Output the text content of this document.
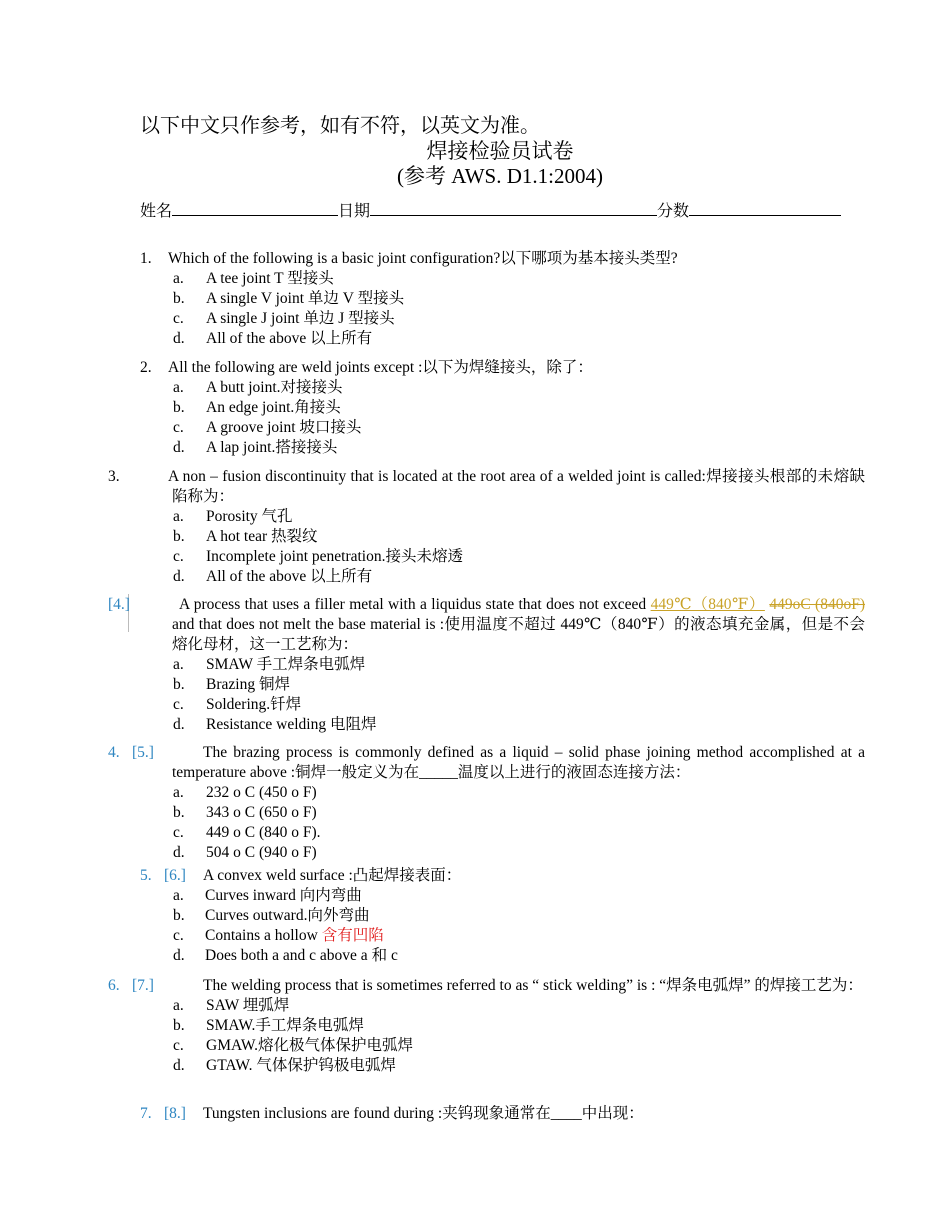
以下中文只作参考，如有不符，以英文为准。
焊接检验员试卷
(参考 AWS. D1.1:2004)
姓名	日期	分数
1. Which of the following is a basic joint configuration?以下哪项为基本接头类型?
a. A tee joint T 型接头
b. A single V joint 单边 V 型接头
c. A single J joint 单边 J 型接头
d. All of the above 以上所有
2. All the following are weld joints except :以下为焊缝接头，除了：
a. A butt joint.对接接头
b. An edge joint.角接头
c. A groove joint 坡口接头
d. A lap joint.搭接接头
3.	A non – fusion discontinuity that is located at the root area of a welded joint is called:焊接接头根部的未熔缺陷称为：
a. Porosity 气孔
b. A hot tear 热裂纹
c. Incomplete joint penetration.接头未熔透
d. All of the above 以上所有
[4.]	A process that uses a filler metal with a liquidus state that does not exceed 449℃（840℉） 449oC (840oF) and that does not melt the base material is :使用温度不超过 449℃（840℉）的液态填充金属，但是不会熔化母材，这一工艺称为：
a. SMAW 手工焊条电弧焊
b. Brazing 铜焊
c. Soldering.钎焊
d. Resistance welding 电阻焊
4. [5.]	The brazing process is commonly defined as a liquid – solid phase joining method accomplished at a temperature above :铜焊一般定义为在_____温度以上进行的液固态连接方法：
a. 232 o C (450 o F)
b. 343 o C (650 o F)
c. 449 o C (840 o F).
d. 504 o C (940 o F)
5. [6.] A convex weld surface :凸起焊接表面：
a. Curves inward 向内弯曲
b. Curves outward.向外弯曲
c. Contains a hollow 含有凹陷
d. Does both a and c above a 和 c
6. [7.]	The welding process that is sometimes referred to as “ stick welding” is : “焊条电弧焊” 的焊接工艺为：
a. SAW 埋弧焊
b. SMAW.手工焊条电弧焊
c. GMAW.熔化极气体保护电弧焊
d. GTAW. 气体保护钨极电弧焊
7. [8.] Tungsten inclusions are found during :夹钨现象通常在____中出现：
